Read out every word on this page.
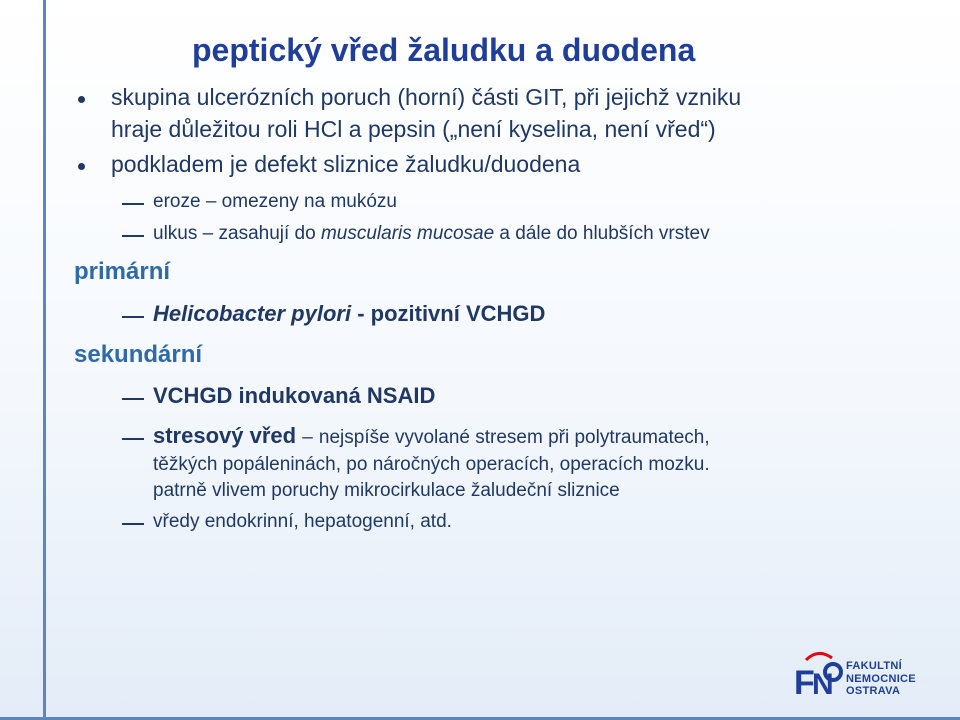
peptický vřed žaludku a duodena
skupina ulcerózních poruch (horní) části GIT, při jejichž vzniku
hraje důležitou roli HCl a pepsin („není kyselina, není vřed“)
podkladem je defekt sliznice žaludku/duodena
eroze – omezeny na mukózu
ulkus – zasahují do muscularis mucosae a dále do hlubších vrstev
primární
Helicobacter pylori - pozitivní VCHGD
sekundární
VCHGD indukovaná NSAID
stresový vřed – nejspíše vyvolané stresem při polytraumatech,
těžkých popáleninách, po náročných operacích, operacích mozku.
patrně vlivem poruchy mikrocirkulace žaludeční sliznice
vředy endokrinní, hepatogenní, atd.
F
N
FAKULTNÍ
NEMOCNICE
OSTRAVA
